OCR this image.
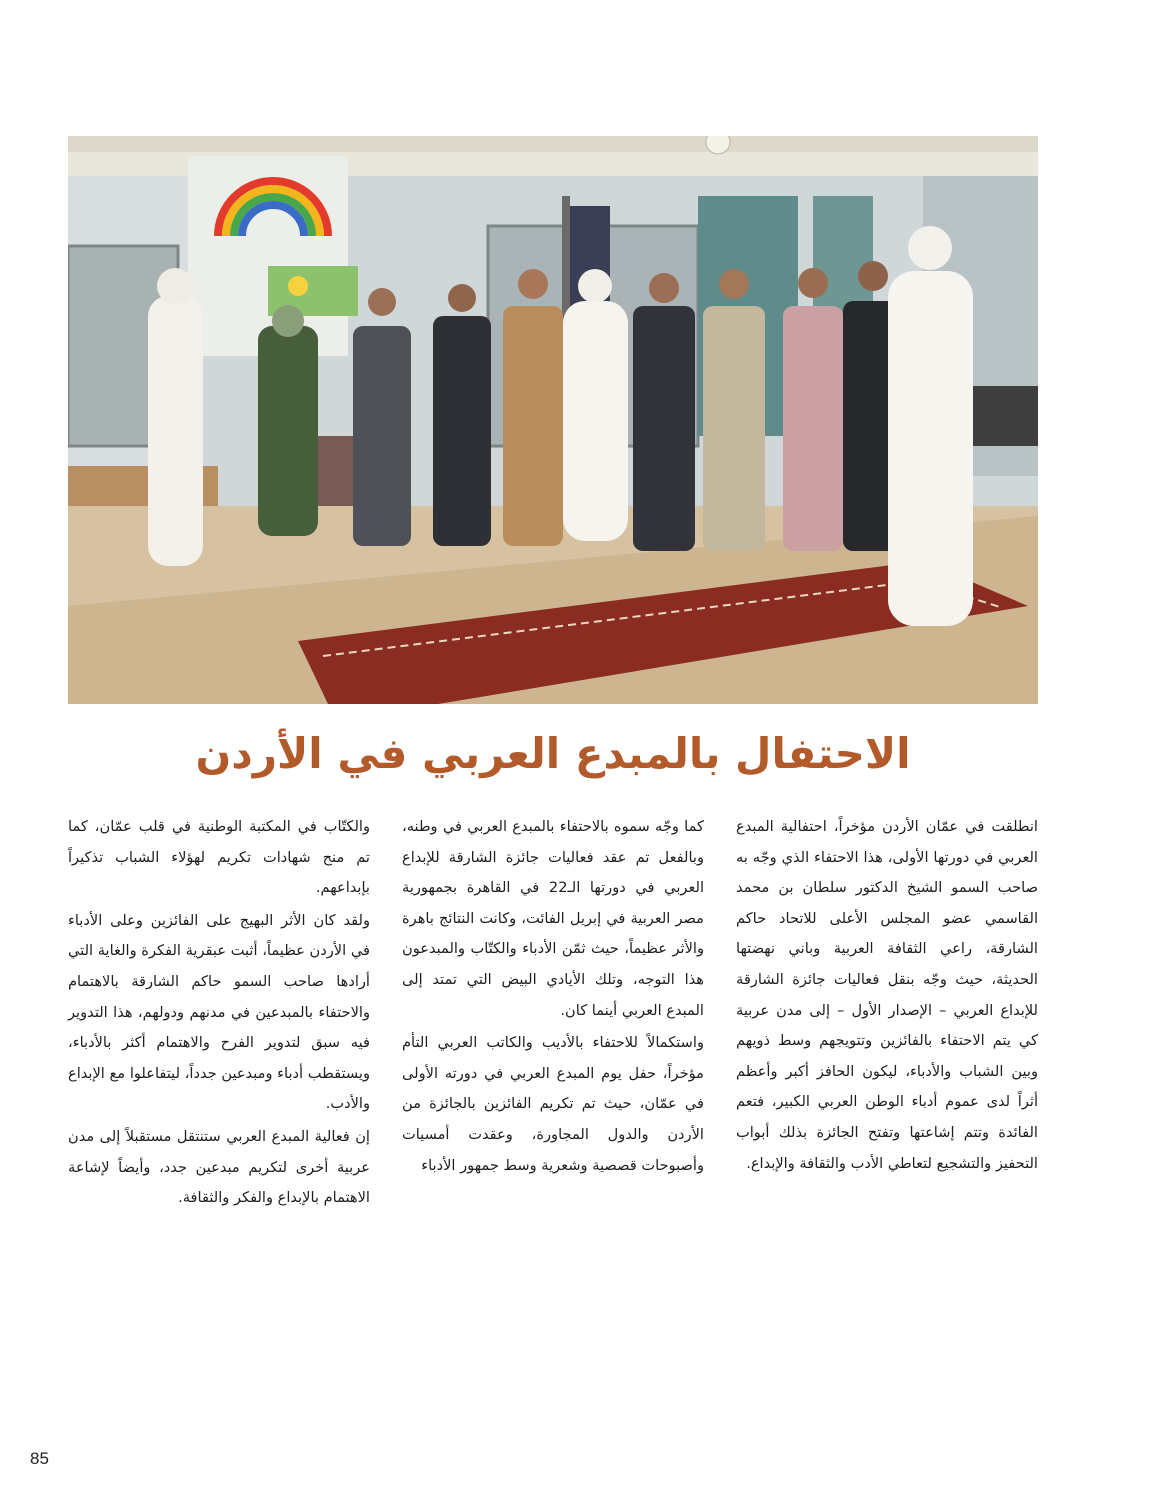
الاحتفال بالمبدع العربي في الأردن

انطلقت في عمّان الأردن مؤخراً، احتفالية المبدع العربي في دورتها الأولى، هذا الاحتفاء الذي وجّه به صاحب السمو الشيخ الدكتور سلطان بن محمد القاسمي عضو المجلس الأعلى للاتحاد حاكم الشارقة، راعي الثقافة العربية وباني نهضتها الحديثة، حيث وجّه بنقل فعاليات جائزة الشارقة للإبداع العربي – الإصدار الأول – إلى مدن عربية كي يتم الاحتفاء بالفائزين وتتويجهم وسط ذويهم وبين الشباب والأدباء، ليكون الحافز أكبر وأعظم أثراً لدى عموم أدباء الوطن العربي الكبير، فتعم الفائدة وتتم إشاعتها وتفتح الجائزة بذلك أبواب التحفيز والتشجيع لتعاطي الأدب والثقافة والإبداع.

كما وجّه سموه بالاحتفاء بالمبدع العربي في وطنه، وبالفعل تم عقد فعاليات جائزة الشارقة للإبداع العربي في دورتها الـ22 في القاهرة بجمهورية مصر العربية في إبريل الفائت، وكانت النتائج باهرة والأثر عظيماً، حيث ثمّن الأدباء والكتّاب والمبدعون هذا التوجه، وتلك الأيادي البيض التي تمتد إلى المبدع العربي أينما كان.

واستكمالاً للاحتفاء بالأديب والكاتب العربي التأم مؤخراً، حفل يوم المبدع العربي في دورته الأولى في عمّان، حيث تم تكريم الفائزين بالجائزة من الأردن والدول المجاورة، وعقدت أمسيات وأصبوحات قصصية وشعرية وسط جمهور الأدباء

والكتّاب في المكتبة الوطنية في قلب عمّان، كما تم منح شهادات تكريم لهؤلاء الشباب تذكيراً بإبداعهم.

ولقد كان الأثر البهيج على الفائزين وعلى الأدباء في الأردن عظيماً، أثبت عبقرية الفكرة والغاية التي أرادها صاحب السمو حاكم الشارقة بالاهتمام والاحتفاء بالمبدعين في مدنهم ودولهم، هذا التدوير فيه سبق لتدوير الفرح والاهتمام أكثر بالأدباء، ويستقطب أدباء ومبدعين جدداً، ليتفاعلوا مع الإبداع والأدب.

إن فعالية المبدع العربي ستنتقل مستقبلاً إلى مدن عربية أخرى لتكريم مبدعين جدد، وأيضاً لإشاعة الاهتمام بالإبداع والفكر والثقافة.

85
